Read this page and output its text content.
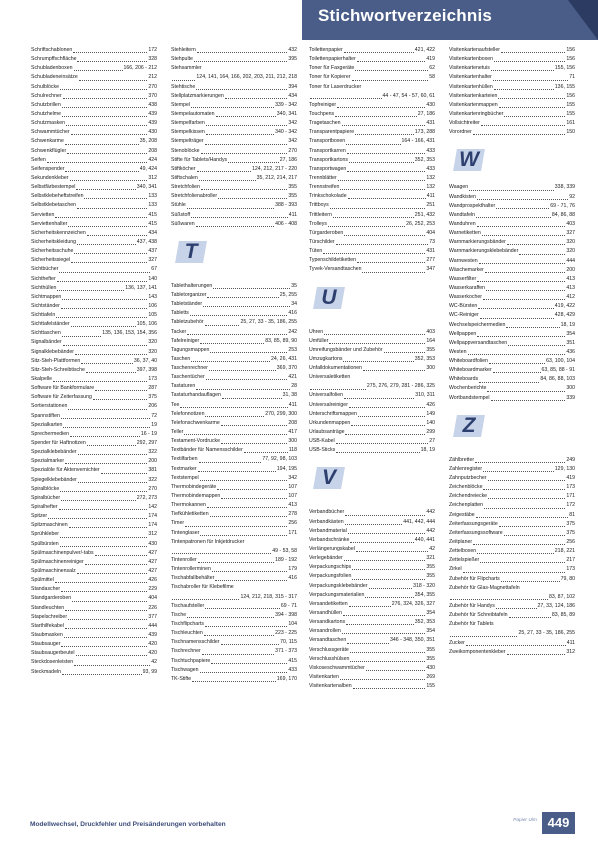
Stichwortverzeichnis
Schriftschablonen	172
Schrumpffschfläche	328
Schubladenboxen	166, 206 - 212
Schubladeneinsätze	212
Schulblöcke	270
Schulrechner	370
Schutzbrillen	438
Schutzhelme	439
Schutzmasken	439
Schwammtücher	430
Schwenkarme	35, 208
Schwenkflügler	208
Seifen	424
Seifenspender	49, 424
Sekundenkleber	312
Selbstfärbestempel	340, 341
Selbstklebeheftstreifen	133
Selbstklebetaschen	133
Servietten	415
Serviettenhalter	415
Sicherheitskennzeichen	434
Sicherheitskleidung	437, 438
Sicherheitsschuhe	437
Sicherheitssiegel	327
Sichtbücher	67
Sichthefter	140
Sichthüllen	136, 137, 141
Sichtmappen	143
Sichtständer	106
Sichttafeln	105
Sichttafelständer	105, 106
Sichttaschen	135, 136, 153, 154, 356
Signalbänder	320
Signalklebebänder	320
Sitz-Steh-Plattformen	36, 37, 40
Sitz-Steh-Schreibtische	397, 398
Skalpelle	173
Software für Bankformulare	287
Software für Zeiterfassung	375
Sortierstationen	206
Spannstiften	72
Spezialkarten	19
Sprechermedien	16 - 19
Spender für Haftnotizen	292, 297
Spezialklebebänder	322
Spezialmarker	200
Spezialöle für Aktenvernichter	381
Spiegelklebebänder	322
Spiralblöcke	270
Spiralbücher	272, 273
Spiralhefter	142
Spitzer	174
Spitzmaschinen	174
Sprühkleber	312
Spülbürsten	430
Spülmaschinenpulver/-tabs	427
Spülmaschinenreiniger	427
Spülmaschinensalz	427
Spülmittel	426
Standascher	229
Standgarderoben	404
Standleuchten	226
Stapelschreiber	377
Starthilfekabel	444
Staubmasken	439
Staubsauger	420
Staubsaugerbeutel	420
Steckdosenleisten	42
Steckmadeln	93, 99
Stehleitern	432
Stehpulte	395
Stehsammler
124, 141, 164, 166, 202, 203, 211, 212, 218
Stehtische	394
Stellplatzmarkierungen	434
Stempel	339 - 342
Stempelautomaten	340, 341
Stempelfarben	342
Stempelkissen	340 - 342
Stempelträger	342
Stenoblöcke	270
Stifte für Tablets/Handys	27, 186
Stiftköcher	124, 212, 217 - 220
Stiftschalen	35, 212, 214, 217
Stretchfolien	355
Stretchfolienabroller	355
Stühle	388 - 393
Süßstoff	411
Süßwaren	406 - 408
T
Tablethalterungen	35
Tabletorganizer	25, 255
Tabletständer	34
Tabletts	416
Tabletzubehör	25, 27, 33 - 35, 186, 255
Tacker	242
Tafelreiniger	83, 85, 89, 90
Tagungsmappen	253
Taschen	24, 26, 431
Taschenrechner	369, 370
Taschentücher	421
Tastaturen	28
Tastaturhandauflagen	31, 38
Tee	411
Telefonnotizen	270, 299, 300
Telefonschwenkarme	208
Teller	417
Testament-Vordrucke	300
Textbänder für Namensschilder	118
Textilfarben	77, 92, 98, 103
Textmarker	194, 195
Textstempel	342
Thermobindegeräte	107
Thermobindemappen	107
Thermokannen	413
Tiefkühletiketten	278
Timer	256
Tintenglaser	171
Tintenpatronen für Inkjetdrucker
49 - 53, 58
Tintenroller	189 - 192
Tintenrollerminen	179
Tischabfallbehälter	416
Tischabroller für Klebefilme
124, 212, 218, 315 - 317
Tischaufsteller	69 - 71
Tische	394 - 398
Tischflipcharts	104
Tischleuchten	223 - 225
Tischnamensschilder	70, 115
Tischrechner	371 - 373
Tischtuchpapiere	415
Tischwagen	433
TK-Stifte	169, 170
Toilettenpapier	421, 422
Toilettenpapierhalter	419
Toner für Faxgeräte	62
Toner für Kopierer	58
Toner für Laserdrucker
44 - 47, 54 - 57, 60, 61
Topfreiniger	430
Touchpens	27, 186
Tragetaschen	431
Transparentpapiere	173, 288
Transportboxen	164 - 166, 431
Transportkarren	433
Transportkartons	352, 353
Transportwagen	433
Trennblätter	132
Trennstreifen	132
Trinkschokolade	411
Trittboys	251
Trittleitern	251, 432
Trolleys	26, 252, 253
Türgarderoben	404
Türschilder	73
Tüten	431
Typenschildetiketten	277
Tyvek-Versandtaschen	347
U
Uhren	403
Umfüller	164
Umreifungsbänder und Zubehör	355
Umzugkartons	352, 353
Unfalldokumentationen	300
Universaletiketten
275, 276, 279, 281 - 286, 325
Universalfolien	310, 311
Universalreiniger	426
Unterschriftsmappen	149
Urkundenmappen	140
Urlaubsanträge	299
USB-Kabel	27
USB-Sticks	18, 19
V
Verbandbücher	442
Verbandkästen	441, 442, 444
Verbandmaterial	442
Verbandschränke	440, 441
Verlängerungskabel	42
Verlegebänder	321
Verpackungschips	355
Verpackungsfolien	355
Verpackungsklebebänder	318 - 320
Verpackungsmaterialien	354, 355
Versandetiketten	276, 324, 326, 327
Versandhüllen	354
Versandkartons	352, 353
Versandrollen	354
Versandtaschen	346 - 348, 350, 351
Verschlussgeräte	355
Verschlusshülsen	355
Viskoseschwammtücher	430
Visitenkarten	269
Visitenkartenalben	155
Visitenkartenaufsteller	156
Visitenkartenboxen	156
Visitenkartenetuis	155, 156
Visitenkartenhalter	71
Visitenkartenhüllen	136, 155
Visitenkartenkarteien	156
Visitenkartenmappen	155
Visitenkartenringbücher	155
Vollsichtreiter	161
Vorordner	150
W
Waagen	338, 339
Wandkisten	92
Wandprospekthalter	69 - 71, 76
Wandtafeln	84, 86, 88
Wanduhren	403
Warnetiketten	327
Warnmarkierungsbänder	320
Warnmarkierungsklebebänder	320
Warnwesten	444
Wäschemarker	200
Wasserfilter	413
Wasserkaraffen	413
Wasserkocher	412
WC-Bürsten	419, 422
WC-Reiniger	428, 429
Wechselspeichermedien	18, 19
Wellpappen	354
Wellpappversandtaschen	351
Westen	436
Whiteboardfolien	63, 100, 104
Whiteboardmarker	63, 85, 88 - 91
Whiteboards	84, 86, 88, 103
Wochenberichte	300
Wortbandstempel	339
Z
Zählbretter	249
Zahlenregister	129, 130
Zahnputzbecher	419
Zeichenblöcke	173
Zeichendreiecke	171
Zeichenplatten	172
Zeigestäbe	81
Zeiterfassungsgeräte	375
Zeiterfassungssoftware	375
Zeitplaner	256
Zettelboxen	218, 221
Zettelspießer	217
Zirkel	173
Zubehör für Flipcharts	79, 80
Zubehör für Glas-Magnettafeln
83, 87, 102
Zubehör für Handys	27, 33, 124, 186
Zubehör für Schreibtafeln	83, 85, 89
Zubehör für Tablets
25, 27, 33 - 35, 186, 255
Zucker	411
Zweikomponentenkleber	312
Modellwechsel, Druckfehler und Preisänderungen vorbehalten
Papier Ulm 449
